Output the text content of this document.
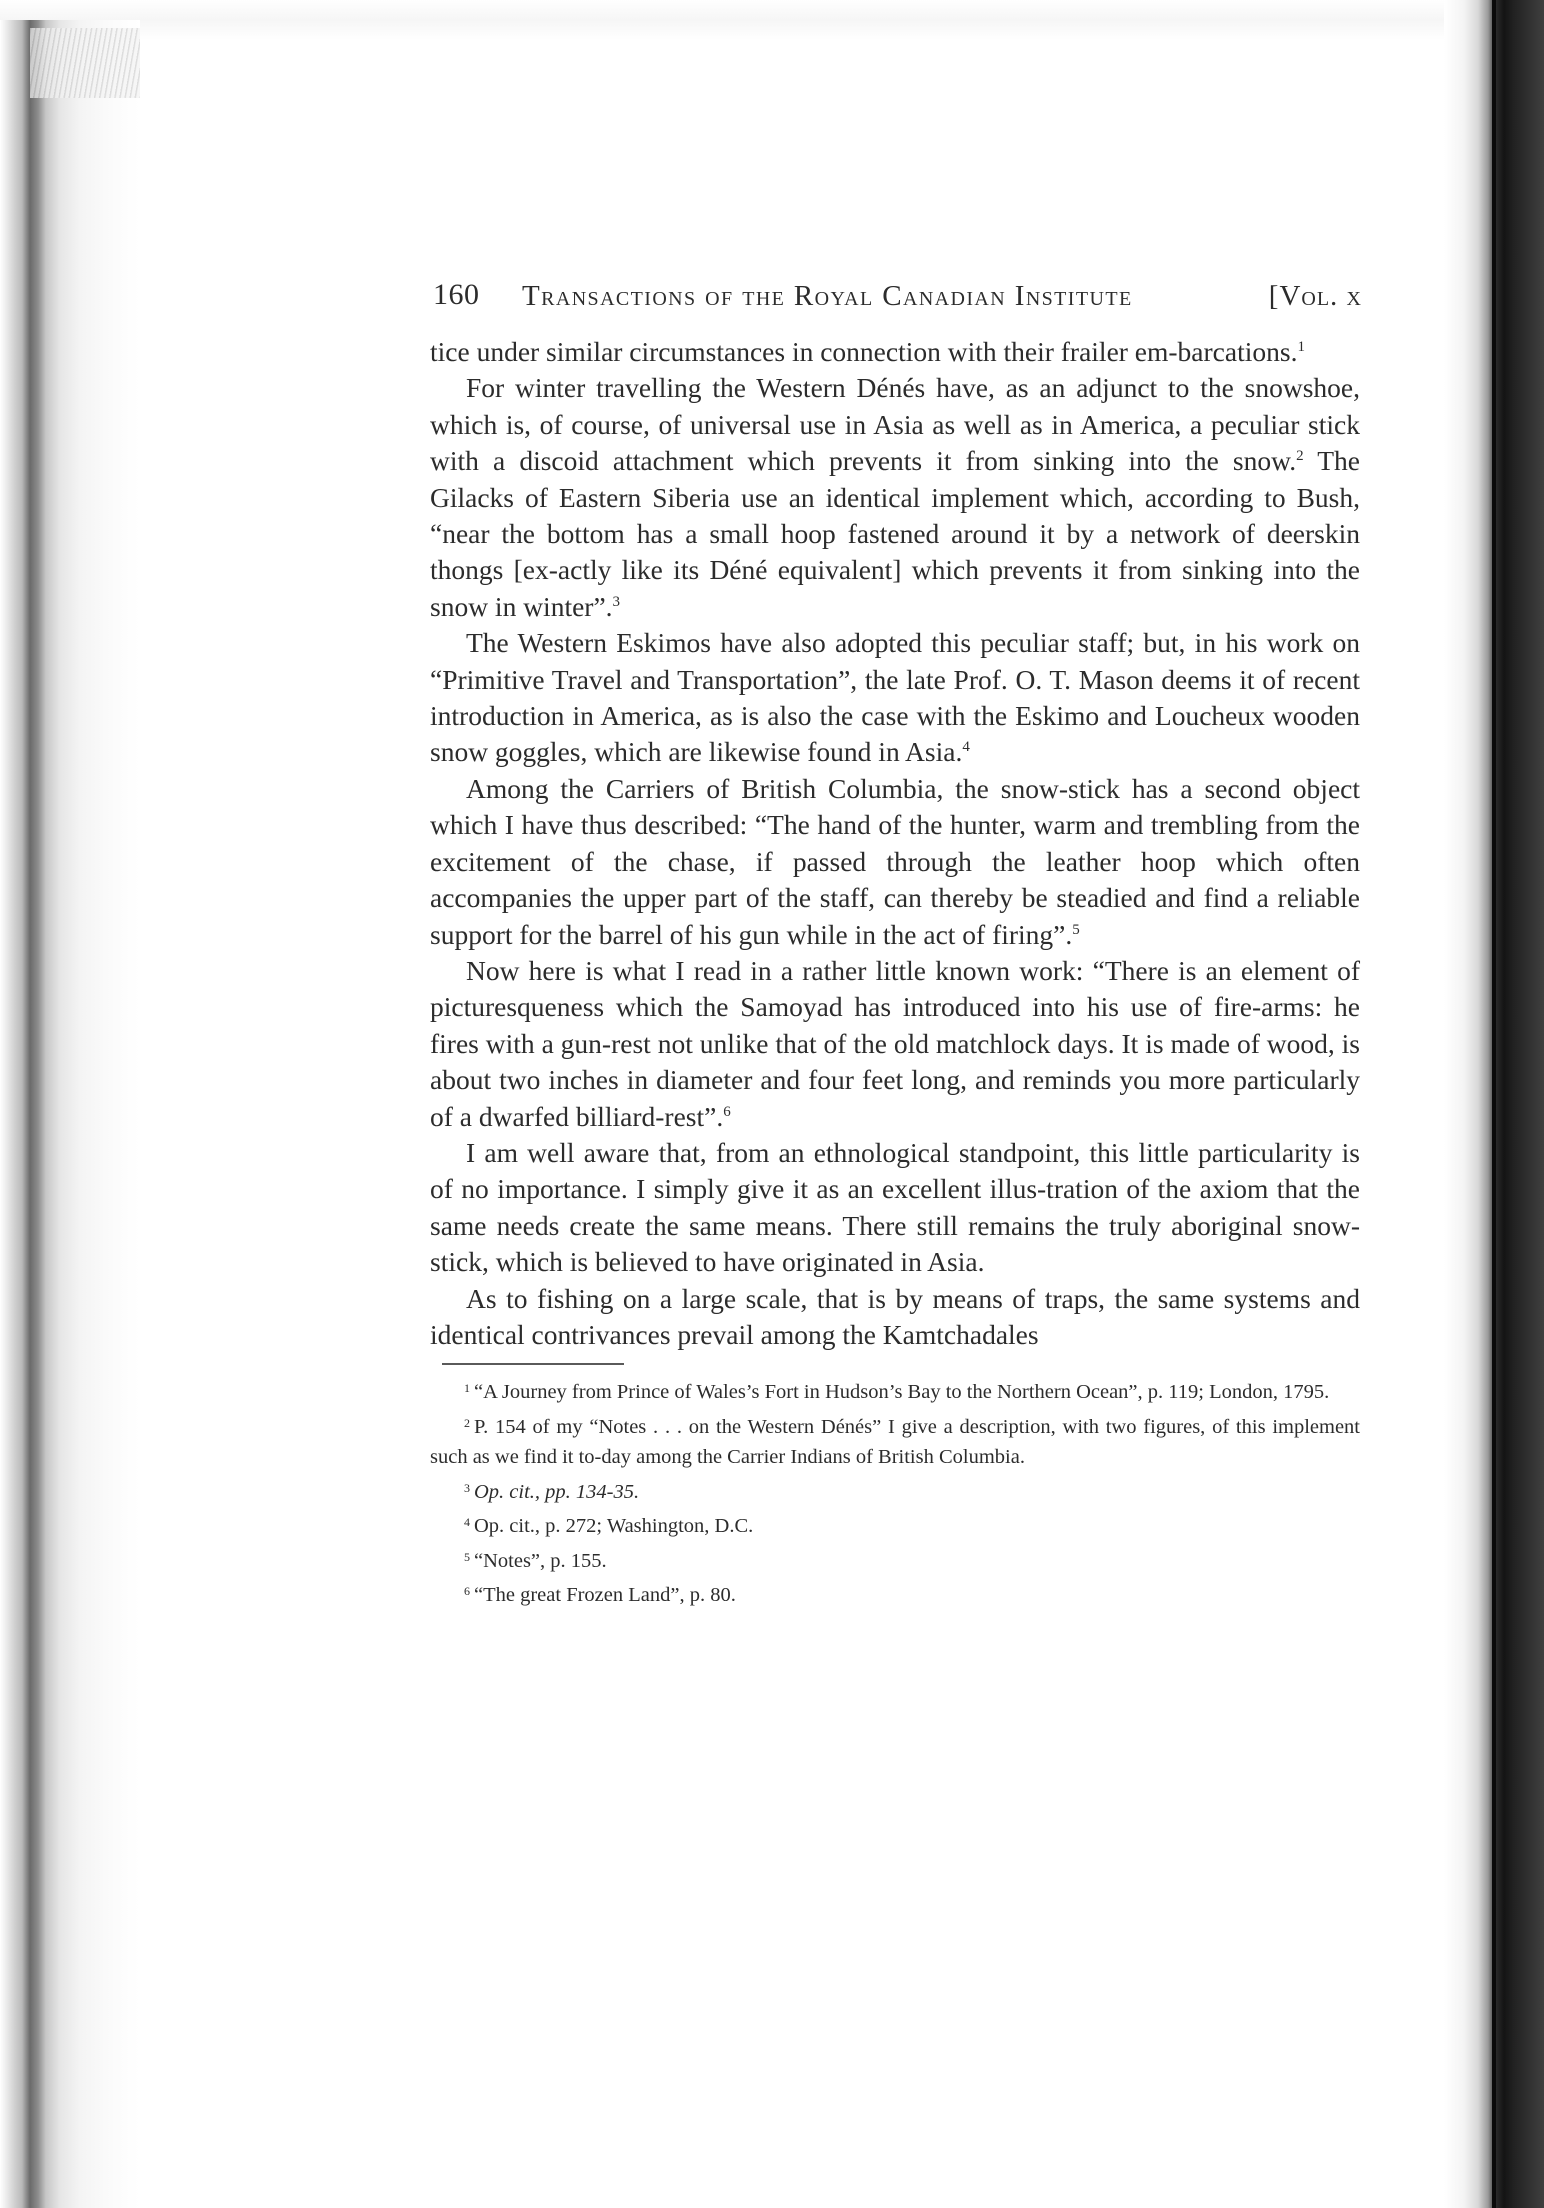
160 Transactions of the Royal Canadian Institute	[Vol. x

tice under similar circumstances in connection with their frailer em-barcations.$^1$

For winter travelling the Western Dénés have, as an adjunct to the snowshoe, which is, of course, of universal use in Asia as well as in America, a peculiar stick with a discoid attachment which prevents it from sinking into the snow.$^2$ The Gilacks of Eastern Siberia use an identical implement which, according to Bush, “near the bottom has a small hoop fastened around it by a network of deerskin thongs [ex-actly like its Déné equivalent] which prevents it from sinking into the snow in winter”.$^3$

The Western Eskimos have also adopted this peculiar staff; but, in his work on “Primitive Travel and Transportation”, the late Prof. O. T. Mason deems it of recent introduction in America, as is also the case with the Eskimo and Loucheux wooden snow goggles, which are likewise found in Asia.$^4$

Among the Carriers of British Columbia, the snow-stick has a second object which I have thus described: “The hand of the hunter, warm and trembling from the excitement of the chase, if passed through the leather hoop which often accompanies the upper part of the staff, can thereby be steadied and find a reliable support for the barrel of his gun while in the act of firing”.$^5$

Now here is what I read in a rather little known work: “There is an element of picturesqueness which the Samoyad has introduced into his use of fire-arms: he fires with a gun-rest not unlike that of the old matchlock days. It is made of wood, is about two inches in diameter and four feet long, and reminds you more particularly of a dwarfed billiard-rest”.$^6$

I am well aware that, from an ethnological standpoint, this little particularity is of no importance. I simply give it as an excellent illus-tration of the axiom that the same needs create the same means. There still remains the truly aboriginal snow-stick, which is believed to have originated in Asia.

As to fishing on a large scale, that is by means of traps, the same systems and identical contrivances prevail among the Kamtchadales

$^1$ “A Journey from Prince of Wales’s Fort in Hudson’s Bay to the Northern Ocean”, p. 119; London, 1795.

$^2$ P. 154 of my “Notes . . . on the Western Dénés” I give a description, with two figures, of this implement such as we find it to-day among the Carrier Indians of British Columbia.

$^3$ Op. cit., pp. 134-35.

$^4$ Op. cit., p. 272; Washington, D.C.

$^5$ “Notes”, p. 155.

$^6$ “The great Frozen Land”, p. 80.
